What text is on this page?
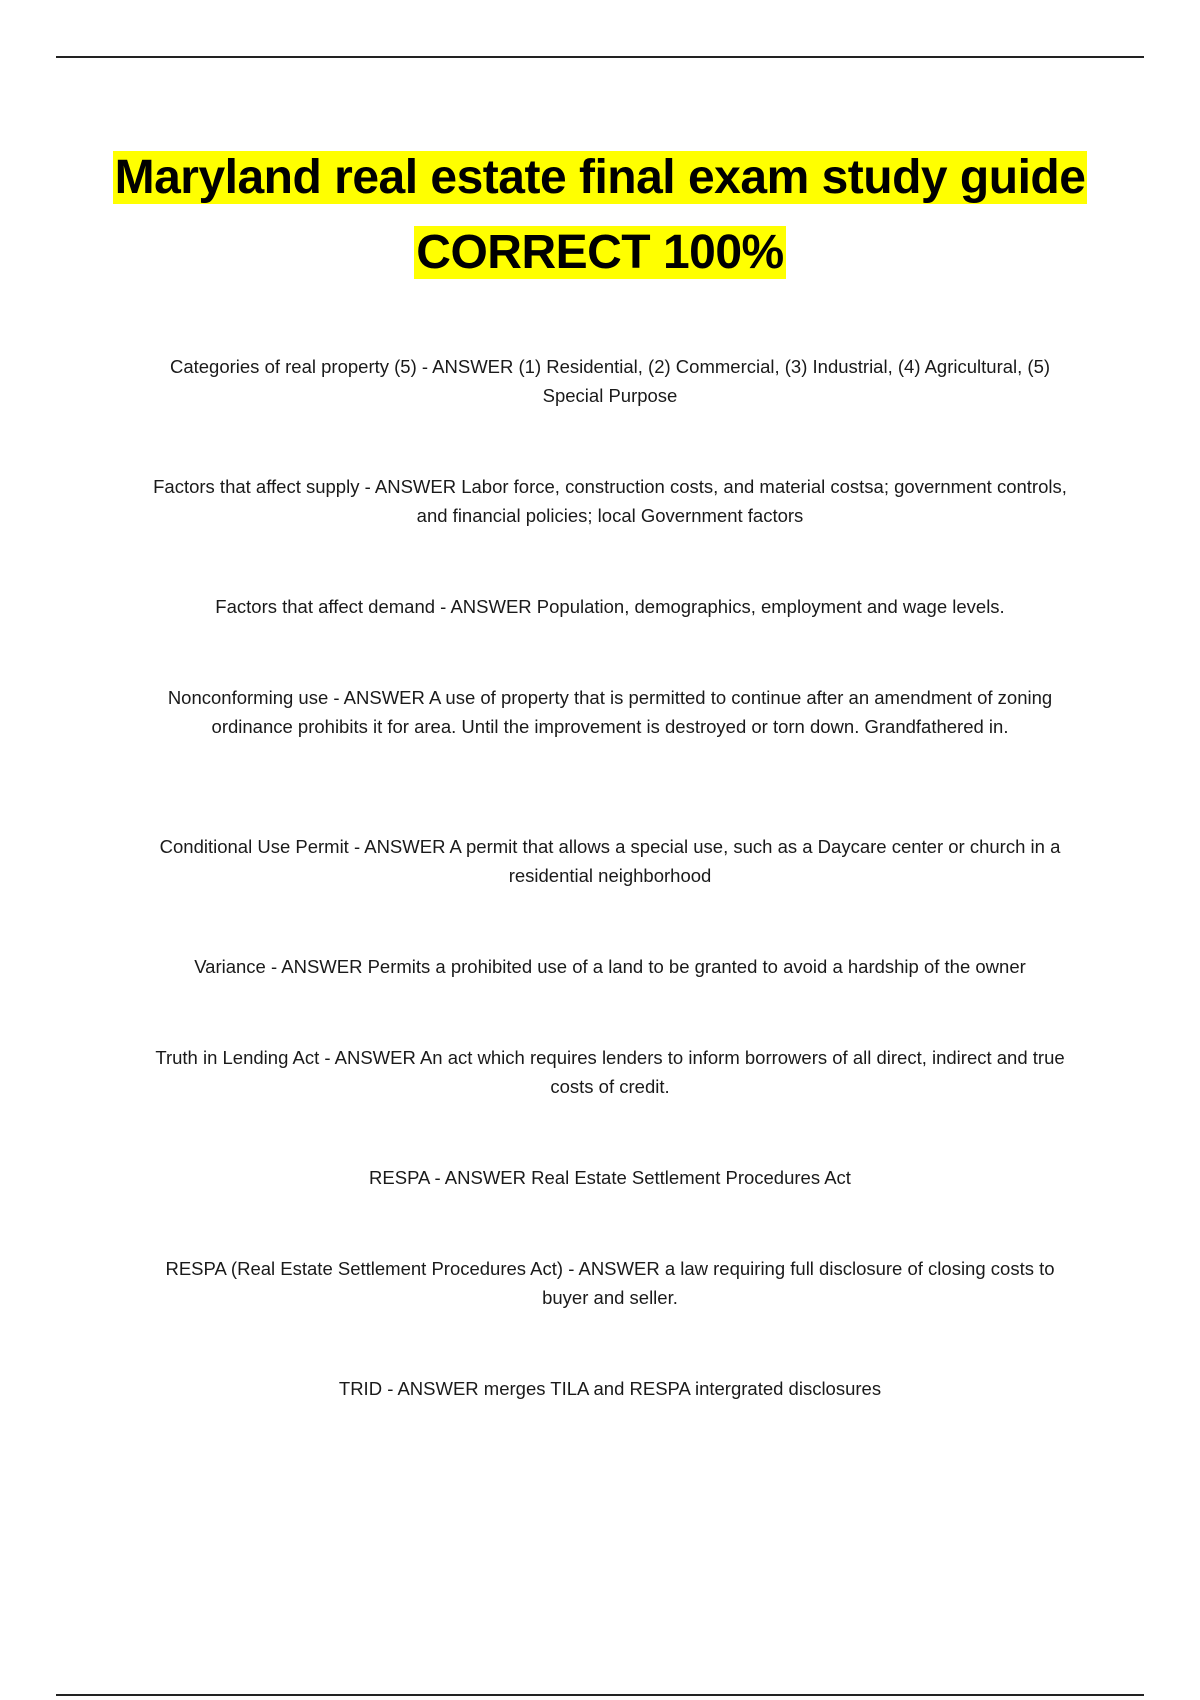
Maryland real estate final exam study guide CORRECT 100%
Categories of real property (5) - ANSWER (1) Residential, (2) Commercial, (3) Industrial, (4) Agricultural, (5) Special Purpose
Factors that affect supply - ANSWER Labor force, construction costs, and material costsa; government controls, and financial policies; local Government factors
Factors that affect demand - ANSWER Population, demographics, employment and wage levels.
Nonconforming use - ANSWER A use of property that is permitted to continue after an amendment of zoning ordinance prohibits it for area. Until the improvement is destroyed or torn down. Grandfathered in.
Conditional Use Permit - ANSWER A permit that allows a special use, such as a Daycare center or church in a residential neighborhood
Variance - ANSWER Permits a prohibited use of a land to be granted to avoid a hardship of the owner
Truth in Lending Act - ANSWER An act which requires lenders to inform borrowers of all direct, indirect and true costs of credit.
RESPA - ANSWER Real Estate Settlement Procedures Act
RESPA (Real Estate Settlement Procedures Act) - ANSWER a law requiring full disclosure of closing costs to buyer and seller.
TRID - ANSWER merges TILA and RESPA intergrated disclosures
